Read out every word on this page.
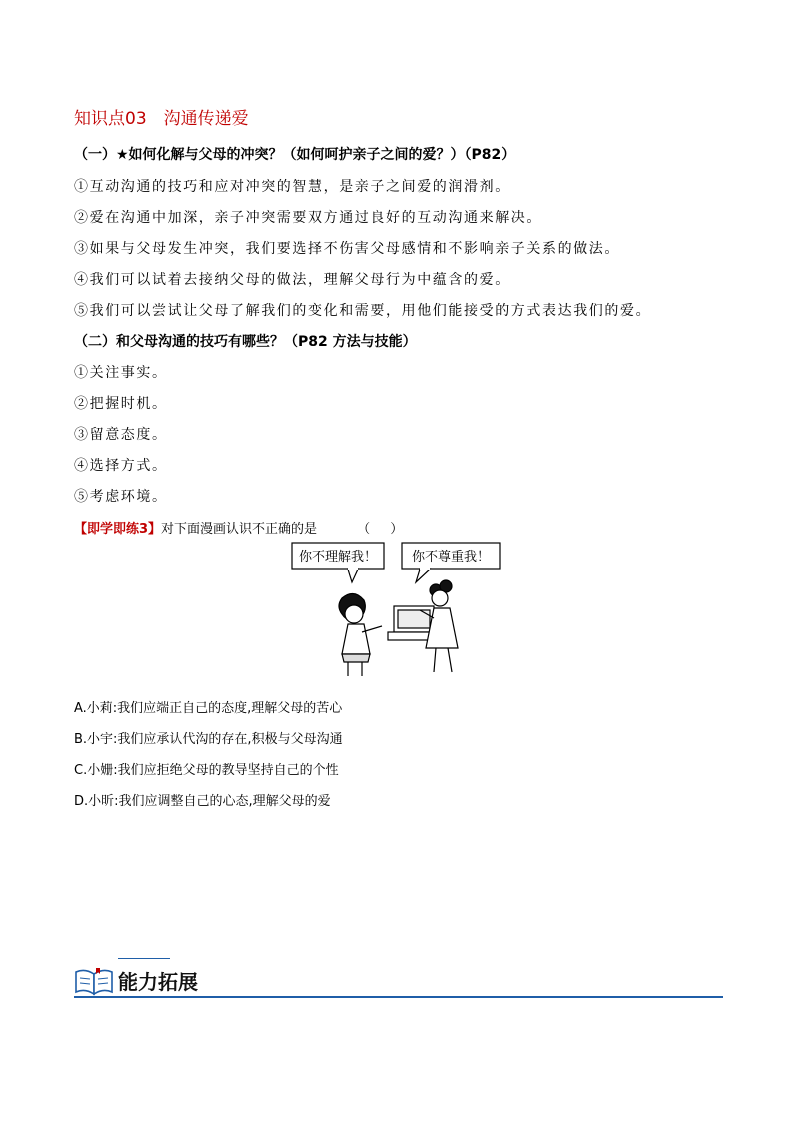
知识点03　沟通传递爱
（一）★如何化解与父母的冲突？（如何呵护亲子之间的爱？）（P82）
①互动沟通的技巧和应对冲突的智慧，是亲子之间爱的润滑剂。
②爱在沟通中加深，亲子冲突需要双方通过良好的互动沟通来解决。
③如果与父母发生冲突，我们要选择不伤害父母感情和不影响亲子关系的做法。
④我们可以试着去接纳父母的做法，理解父母行为中蕴含的爱。
⑤我们可以尝试让父母了解我们的变化和需要，用他们能接受的方式表达我们的爱。
（二）和父母沟通的技巧有哪些？（P82 方法与技能）
①关注事实。
②把握时机。
③留意态度。
④选择方式。
⑤考虑环境。
【即学即练3】对下面漫画认识不正确的是	（ ）
你不理解我！	你不尊重我！
A.小莉:我们应端正自己的态度,理解父母的苦心
B.小宇:我们应承认代沟的存在,积极与父母沟通
C.小姗:我们应拒绝父母的教导坚持自己的个性
D.小昕:我们应调整自己的心态,理解父母的爱
能力拓展
